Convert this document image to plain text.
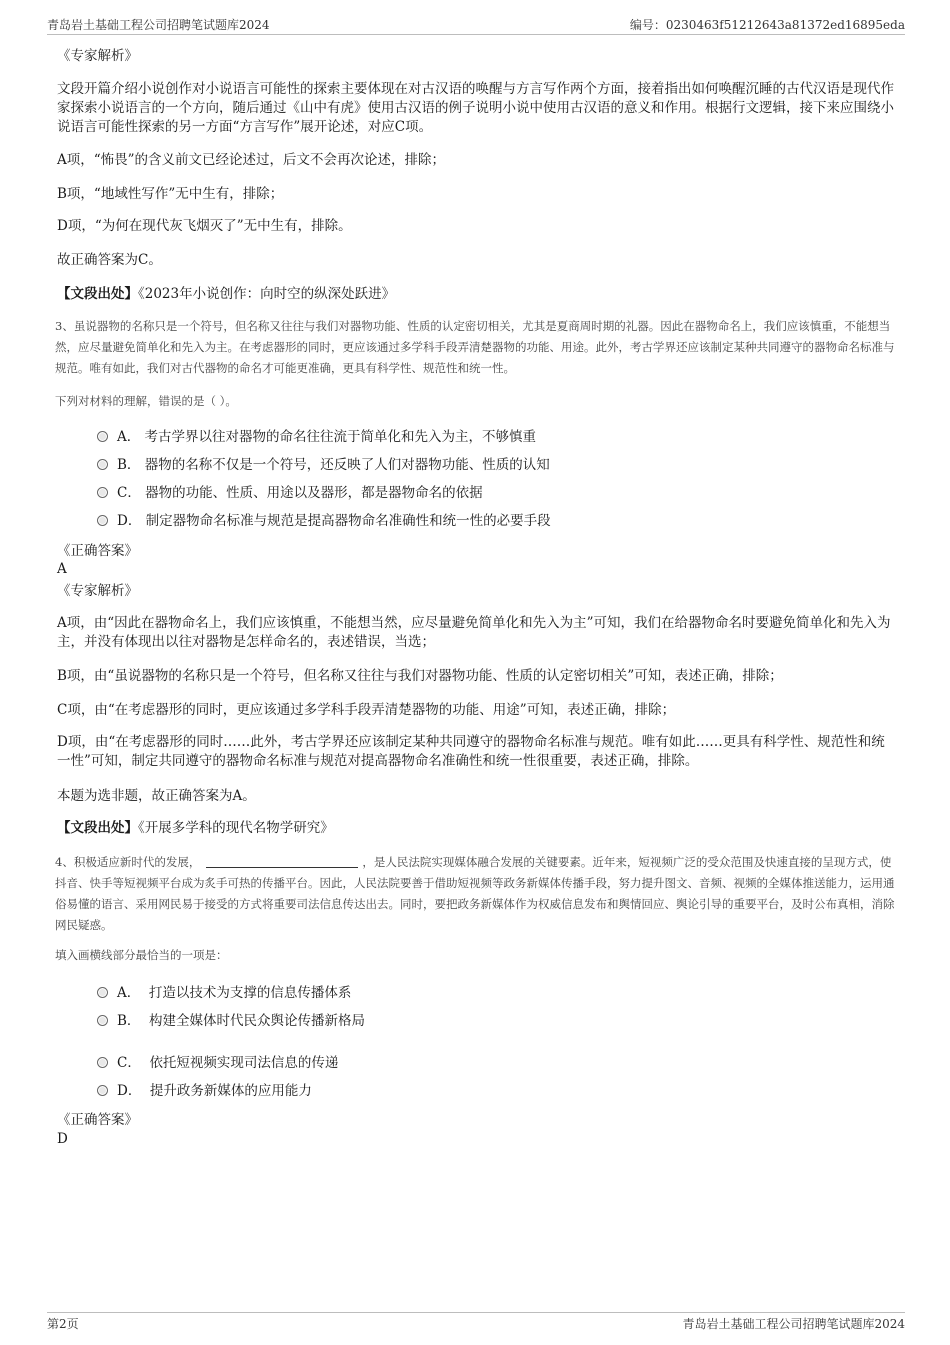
青岛岩土基础工程公司招聘笔试题库2024	编号：0230463f51212643a81372ed16895eda
《专家解析》
文段开篇介绍小说创作对小说语言可能性的探索主要体现在对古汉语的唤醒与方言写作两个方面，接着指出如何唤醒沉睡的古代汉语是现代作家探索小说语言的一个方向，随后通过《山中有虎》使用古汉语的例子说明小说中使用古汉语的意义和作用。根据行文逻辑，接下来应围绕小说语言可能性探索的另一方面“方言写作”展开论述，对应C项。
A项，“怖畏”的含义前文已经论述过，后文不会再次论述，排除；
B项，“地域性写作”无中生有，排除；
D项，“为何在现代灰飞烟灭了”无中生有，排除。
故正确答案为C。
【文段出处】《2023年小说创作：向时空的纵深处跃进》
3、虽说器物的名称只是一个符号，但名称又往往与我们对器物功能、性质的认定密切相关，尤其是夏商周时期的礼器。因此在器物命名上，我们应该慎重，不能想当然，应尽量避免简单化和先入为主。在考虑器形的同时，更应该通过多学科手段弄清楚器物的功能、用途。此外，考古学界还应该制定某种共同遵守的器物命名标准与规范。唯有如此，我们对古代器物的命名才可能更准确，更具有科学性、规范性和统一性。
下列对材料的理解，错误的是（ ）。
A． 考古学界以往对器物的命名往往流于简单化和先入为主，不够慎重
B． 器物的名称不仅是一个符号，还反映了人们对器物功能、性质的认知
C． 器物的功能、性质、用途以及器形，都是器物命名的依据
D． 制定器物命名标准与规范是提高器物命名准确性和统一性的必要手段
《正确答案》
A
《专家解析》
A项，由“因此在器物命名上，我们应该慎重，不能想当然，应尽量避免简单化和先入为主”可知，我们在给器物命名时要避免简单化和先入为主，并没有体现出以往对器物是怎样命名的，表述错误，当选；
B项，由“虽说器物的名称只是一个符号，但名称又往往与我们对器物功能、性质的认定密切相关”可知，表述正确，排除；
C项，由“在考虑器形的同时，更应该通过多学科手段弄清楚器物的功能、用途”可知，表述正确，排除；
D项，由“在考虑器形的同时……此外，考古学界还应该制定某种共同遵守的器物命名标准与规范。唯有如此……更具有科学性、规范性和统一性”可知，制定共同遵守的器物命名标准与规范对提高器物命名准确性和统一性很重要，表述正确，排除。
本题为选非题，故正确答案为A。
【文段出处】《开展多学科的现代名物学研究》
4、积极适应新时代的发展，	，是人民法院实现媒体融合发展的关键要素。近年来，短视频广泛的受众范围及快速直接的呈现方式，使抖音、快手等短视频平台成为炙手可热的传播平台。因此，人民法院要善于借助短视频等政务新媒体传播手段，努力提升图文、音频、视频的全媒体推送能力，运用通俗易懂的语言、采用网民易于接受的方式将重要司法信息传达出去。同时，要把政务新媒体作为权威信息发布和舆情回应、舆论引导的重要平台，及时公布真相，消除网民疑惑。
填入画横线部分最恰当的一项是：
A． 打造以技术为支撑的信息传播体系
B． 构建全媒体时代民众舆论传播新格局
C． 依托短视频实现司法信息的传递
D． 提升政务新媒体的应用能力
《正确答案》
D
第2页	青岛岩土基础工程公司招聘笔试题库2024
